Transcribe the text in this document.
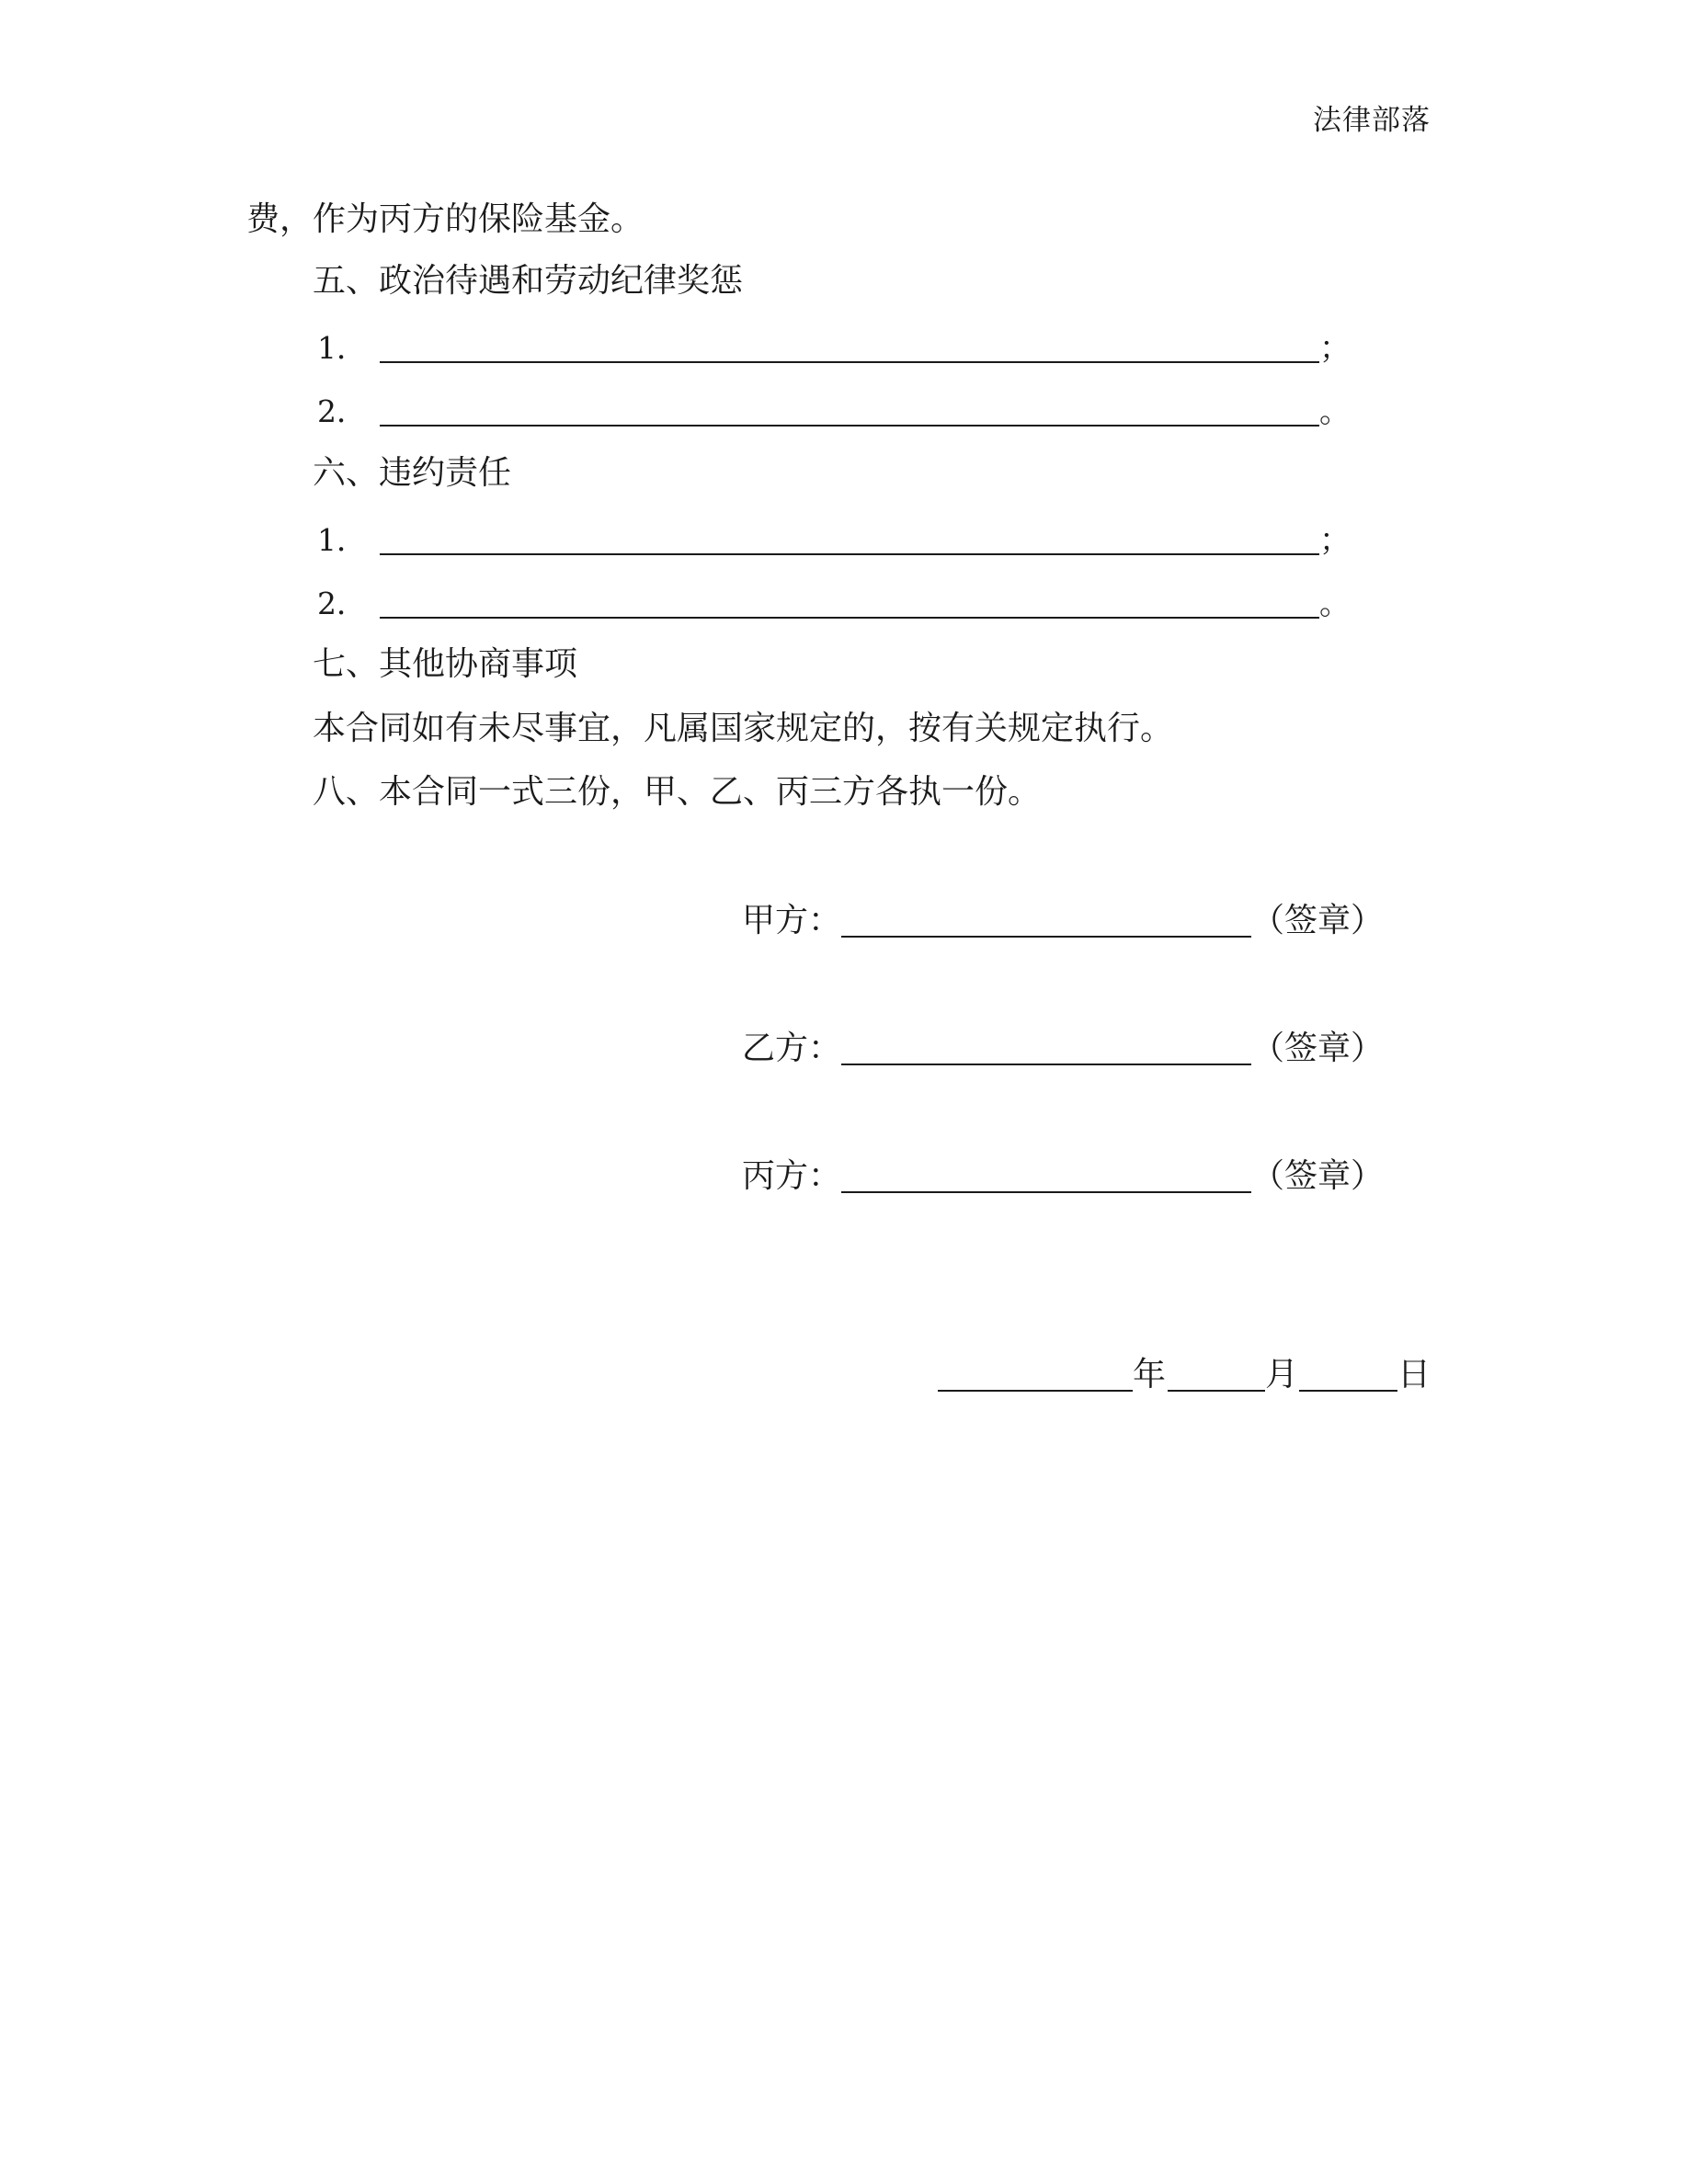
法律部落
费，作为丙方的保险基金。
五、政治待遇和劳动纪律奖惩
1．	；
2．	。
六、违约责任
1．	；
2．	。
七、其他协商事项
本合同如有未尽事宜，凡属国家规定的，按有关规定执行。
八、本合同一式三份，甲、乙、丙三方各执一份。
甲方：	（签章）
乙方：	（签章）
丙方：	（签章）
年	月	日
